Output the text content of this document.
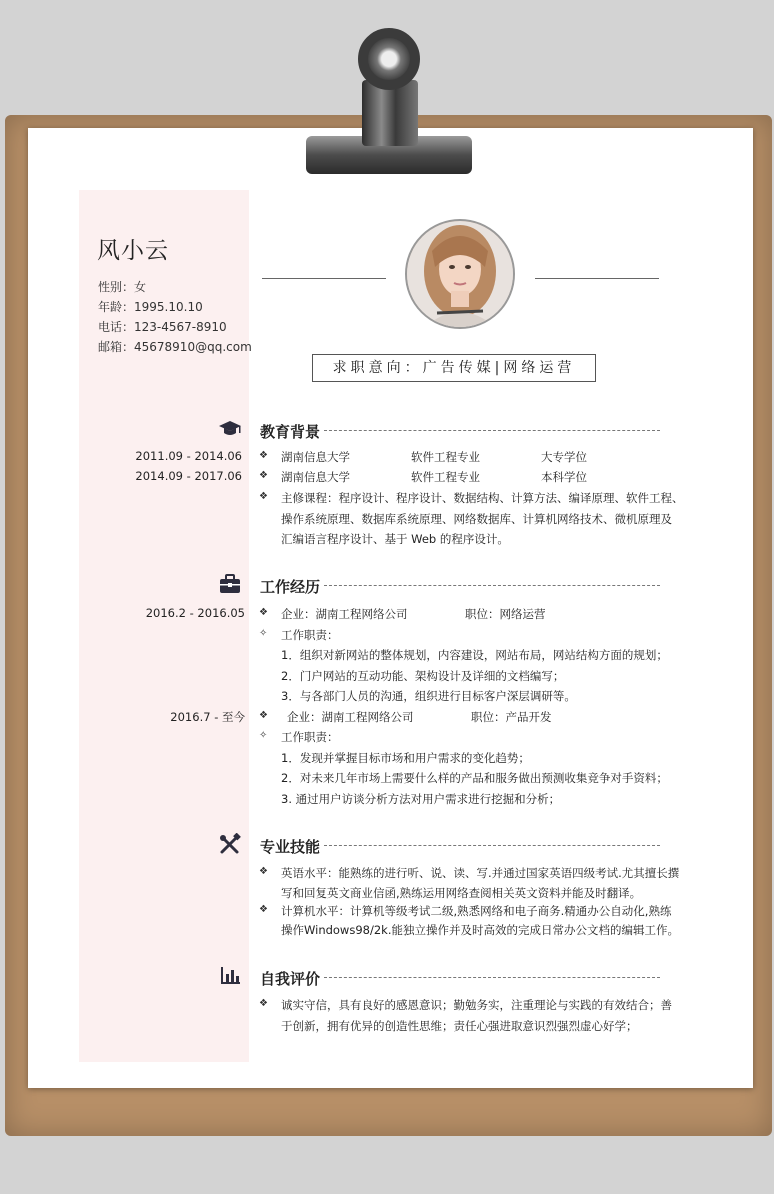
风小云
性别：女
年龄：1995.10.10
电话：123-4567-8910
邮箱：45678910@qq.com
求职意向：广告传媒|网络运营
教育背景
2011.09 - 2014.06 ❖ 湖南信息大学	软件工程专业	大专学位
2014.09 - 2017.06 ❖ 湖南信息大学	软件工程专业	本科学位
❖ 主修课程：程序设计、程序设计、数据结构、计算方法、编译原理、软件工程、
操作系统原理、数据库系统原理、网络数据库、计算机网络技术、微机原理及
汇编语言程序设计、基于 Web 的程序设计。
工作经历
2016.2 - 2016.05 ❖ 企业：湖南工程网络公司	职位：网络运营
✧ 工作职责：
1．组织对新网站的整体规划，内容建设，网站布局，网站结构方面的规划；
2．门户网站的互动功能、架构设计及详细的文档编写；
3．与各部门人员的沟通，组织进行目标客户深层调研等。
2016.7 - 至今 ❖ 企业：湖南工程网络公司	职位：产品开发
✧ 工作职责：
1．发现并掌握目标市场和用户需求的变化趋势；
2．对未来几年市场上需要什么样的产品和服务做出预测收集竞争对手资料；
3. 通过用户访谈分析方法对用户需求进行挖掘和分析；
专业技能
❖ 英语水平：能熟练的进行听、说、读、写.并通过国家英语四级考试.尤其擅长撰
写和回复英文商业信函,熟练运用网络查阅相关英文资料并能及时翻译。
❖ 计算机水平：计算机等级考试二级,熟悉网络和电子商务.精通办公自动化,熟练
操作Windows98/2k.能独立操作并及时高效的完成日常办公文档的编辑工作。
自我评价
❖ 诚实守信，具有良好的感恩意识；勤勉务实，注重理论与实践的有效结合；善
于创新，拥有优异的创造性思维；责任心强进取意识烈强烈虚心好学；
